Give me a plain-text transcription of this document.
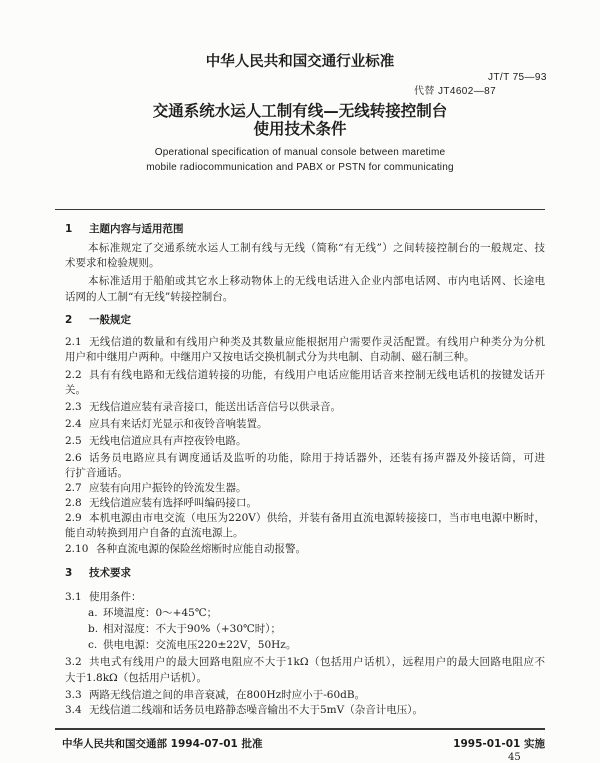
中华人民共和国交通行业标准
JT/T 75—93
代替 JT4602—87
交通系统水运人工制有线—无线转接控制台
使用技术条件
Operational specification of manual console between maretime
mobile radiocommunication and PABX or PSTN for communicating
1 主题内容与适用范围
本标准规定了交通系统水运人工制有线与无线（简称“有无线”）之间转接控制台的一般规定、技
术要求和检验规则。
本标准适用于船舶或其它水上移动物体上的无线电话进入企业内部电话网、市内电话网、长途电
话网的人工制“有无线”转接控制台。
2 一般规定
2.1 无线信道的数量和有线用户种类及其数量应能根据用户需要作灵活配置。有线用户种类分为分机
用户和中继用户两种。中继用户又按电话交换机制式分为共电制、自动制、磁石制三种。
2.2 具有有线电路和无线信道转接的功能，有线用户电话应能用话音来控制无线电话机的按键发话开
关。
2.3 无线信道应装有录音接口，能送出话音信号以供录音。
2.4 应具有来话灯光显示和夜铃音响装置。
2.5 无线电信道应具有声控夜铃电路。
2.6 话务员电路应具有调度通话及监听的功能，除用于持话器外，还装有扬声器及外接话筒，可进
行扩音通话。
2.7 应装有向用户振铃的铃流发生器。
2.8 无线信道应装有选择呼叫编码接口。
2.9 本机电源由市电交流（电压为220V）供给，并装有备用直流电源转接接口，当市电电源中断时，
能自动转换到用户自备的直流电源上。
2.10 各种直流电源的保险丝熔断时应能自动报警。
3 技术要求
3.1 使用条件：
a. 环境温度：0～+45℃；
b. 相对湿度：不大于90%（+30℃时）；
c. 供电电源：交流电压220±22V，50Hz。
3.2 共电式有线用户的最大回路电阻应不大于1kΩ（包括用户话机），远程用户的最大回路电阻应不
大于1.8kΩ（包括用户话机）。
3.3 两路无线信道之间的串音衰减，在800Hz时应小于-60dB。
3.4 无线信道二线端和话务员电路静态噪音输出不大于5mV（杂音计电压）。
中华人民共和国交通部 1994-07-01 批准	1995-01-01 实施
45
